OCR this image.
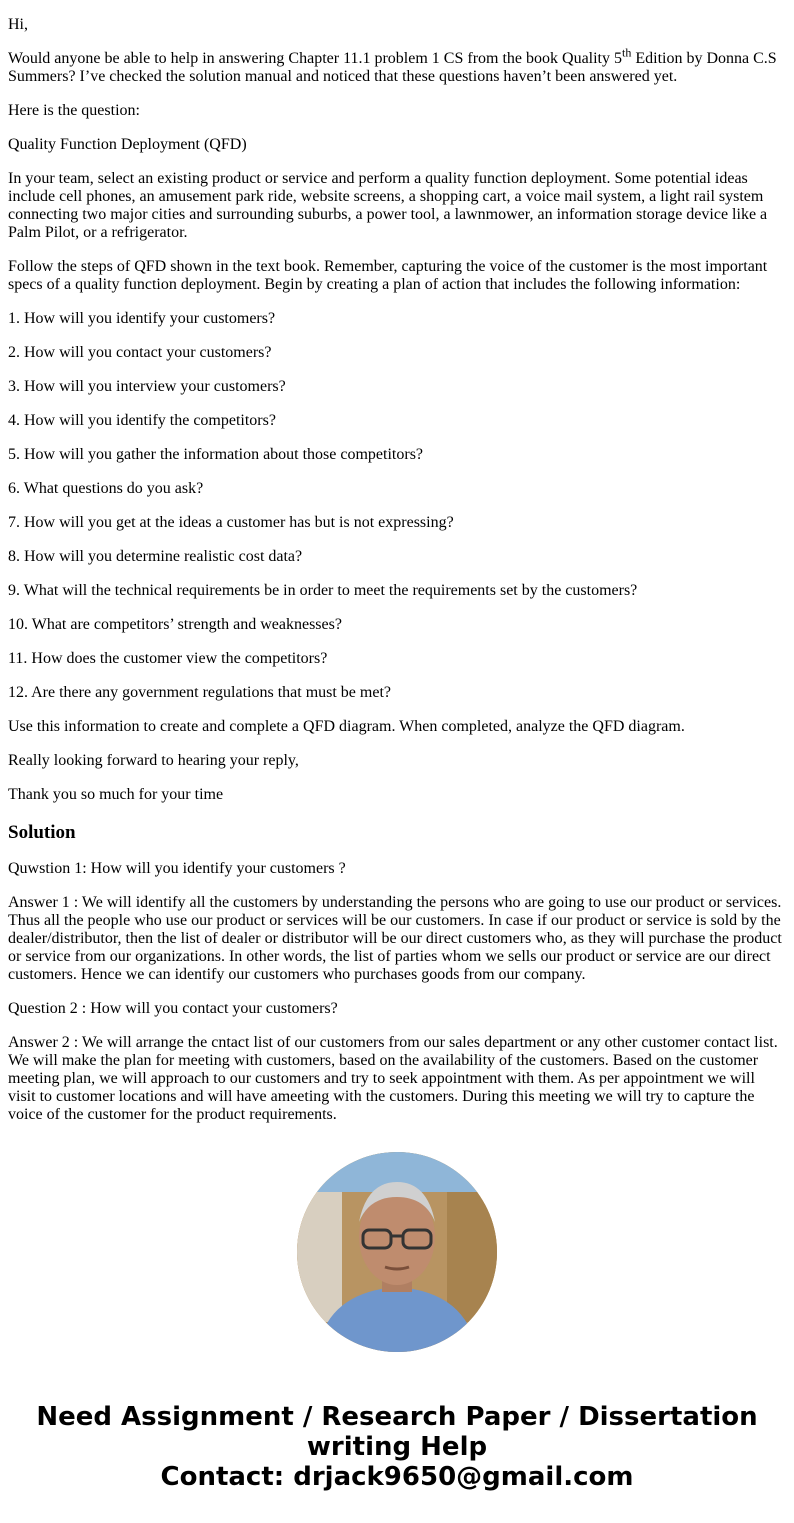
Hi,

Would anyone be able to help in answering Chapter 11.1 problem 1 CS from the book Quality 5th Edition by Donna C.S Summers? I’ve checked the solution manual and noticed that these questions haven’t been answered yet.

Here is the question:

Quality Function Deployment (QFD)

In your team, select an existing product or service and perform a quality function deployment. Some potential ideas include cell phones, an amusement park ride, website screens, a shopping cart, a voice mail system, a light rail system connecting two major cities and surrounding suburbs, a power tool, a lawnmower, an information storage device like a Palm Pilot, or a refrigerator.

Follow the steps of QFD shown in the text book. Remember, capturing the voice of the customer is the most important specs of a quality function deployment. Begin by creating a plan of action that includes the following information:

1. How will you identify your customers?

2. How will you contact your customers?

3. How will you interview your customers?

4. How will you identify the competitors?

5. How will you gather the information about those competitors?

6. What questions do you ask?

7. How will you get at the ideas a customer has but is not expressing?

8. How will you determine realistic cost data?

9. What will the technical requirements be in order to meet the requirements set by the customers?

10. What are competitors’ strength and weaknesses?

11. How does the customer view the competitors?

12. Are there any government regulations that must be met?

Use this information to create and complete a QFD diagram. When completed, analyze the QFD diagram.

Really looking forward to hearing your reply,

Thank you so much for your time

Solution

Quwstion 1: How will you identify your customers ?

Answer 1 : We will identify all the customers by understanding the persons who are going to use our product or services. Thus all the people who use our product or services will be our customers. In case if our product or service is sold by the dealer/distributor, then the list of dealer or distributor will be our direct customers who, as they will purchase the product or service from our organizations. In other words, the list of parties whom we sells our product or service are our direct customers. Hence we can identify our customers who purchases goods from our company.

Question 2 : How will you contact your customers?

Answer 2 : We will arrange the cntact list of our customers from our sales department or any other customer contact list. We will make the plan for meeting with customers, based on the availability of the customers. Based on the customer meeting plan, we will approach to our customers and try to seek appointment with them. As per appointment we will visit to customer locations and will have ameeting with the customers. During this meeting we will try to capture the voice of the customer for the product requirements.

Need Assignment / Research Paper / Dissertation writing Help
Contact: drjack9650@gmail.com
